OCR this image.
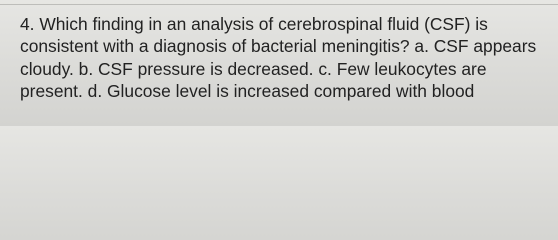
4. Which finding in an analysis of cerebrospinal fluid (CSF) is consistent with a diagnosis of bacterial meningitis? a. CSF appears cloudy. b. CSF pressure is decreased. c. Few leukocytes are present. d. Glucose level is increased compared with blood
